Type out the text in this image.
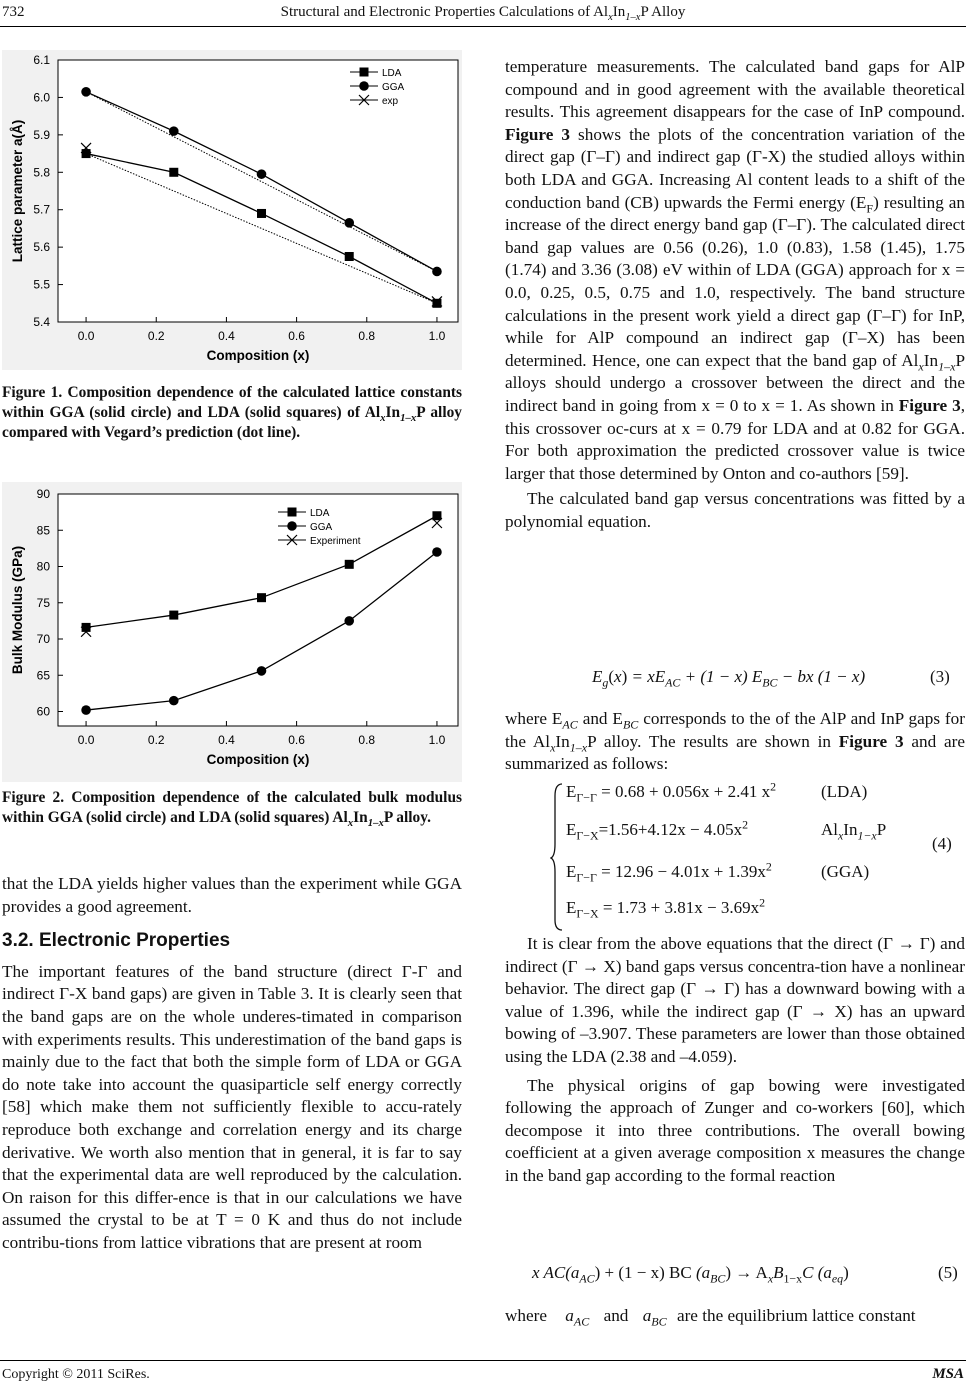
732	Structural and Electronic Properties Calculations of $Al_xIn_{1-x}P$ Alloy
5.4
5.5
5.6
5.7
5.8
5.9
6.0
6.1
0.0	0.2	0.4	0.6	0.8	1.0
Composition (x)
Lattice parameter a(Å)
LDA
GGA
exp
Figure 1. Composition dependence of the calculated lattice constants within GGA (solid circle) and LDA (solid squares) of $Al_xIn_{1-x}P$ alloy compared with Vegard’s prediction (dot line).
60
65
70
75
80
85
90
0.0	0.2	0.4	0.6	0.8	1.0
Composition (x)
Bulk Modulus (GPa)
LDA
GGA
Experiment
Figure 2. Composition dependence of the calculated bulk modulus within GGA (solid circle) and LDA (solid squares) $Al_xIn_{1-x}P$ alloy.

that the LDA yields higher values than the experiment while GGA provides a good agreement.

3.2. Electronic Properties

The important features of the band structure (direct Γ-Γ and indirect Γ-X band gaps) are given in Table 3. It is clearly seen that the band gaps are on the whole underes-timated in comparison with experiments results. This underestimation of the band gaps is mainly due to the fact that both the simple form of LDA or GGA do note take into account the quasiparticle self energy correctly [58] which make them not sufficiently flexible to accu-rately reproduce both exchange and correlation energy and its charge derivative. We worth also mention that in general, it is far to say that the experimental data are well reproduced by the calculation. On raison for this differ-ence is that in our calculations we have assumed the crystal to be at T = 0 K and thus do not include contribu-tions from lattice vibrations that are present at room

temperature measurements. The calculated band gaps for AlP compound and in good agreement with the available theoretical results. This agreement disappears for the case of InP compound. Figure 3 shows the plots of the concentration variation of the direct gap (Γ–Γ) and indirect gap (Γ-X) the studied alloys within both LDA and GGA. Increasing Al content leads to a shift of the conduction band (CB) upwards the Fermi energy $(E_F)$ resulting an increase of the direct energy band gap (Γ–Γ). The calculated direct band gap values are 0.56 (0.26), 1.0 (0.83), 1.58 (1.45), 1.75 (1.74) and 3.36 (3.08) eV within of LDA (GGA) approach for x = 0.0, 0.25, 0.5, 0.75 and 1.0, respectively. The band structure calculations in the present work yield a direct gap (Γ–Γ) for InP, while for AlP compound an indirect gap (Γ–X) has been determined. Hence, one can expect that the band gap of $Al_xIn_{1-x}P$ alloys should undergo a crossover between the direct and the indirect band in going from x = 0 to x = 1. As shown in Figure 3, this crossover oc-curs at x = 0.79 for LDA and at 0.82 for GGA. For both approximation the predicted crossover value is twice larger that those determined by Onton and co-authors [59].

The calculated band gap versus concentrations was fitted by a polynomial equation.

$E_g(x) = xE_{AC} + (1 - x) E_{BC}$ − bx (1 − x)	(3)
where $E_{AC}$ and $E_{BC}$ corresponds to the of the AlP and InP gaps for the $Al_xIn_{1-x}P$ alloy. The results are shown in Figure 3 and are summarized as follows:
$E_{\Gamma-\Gamma} = 0.68 + 0.056x + 2.41$ $x^2$	(LDA)
$E_{\Gamma-X}=1.56+4.12x - 4.05x^2$	$Al_xIn_{1-x}P$
$E_{\Gamma-\Gamma} = 12.96 - 4.01x + 1.39x^2$	(GGA)
$E_{\Gamma-X} = 1.73 + 3.81x - 3.69x^2$
(4)

It is clear from the above equations that the direct (Γ → Γ) and indirect (Γ → X) band gaps versus concentra-tion have a nonlinear behavior. The direct gap (Γ → Γ) has a downward bowing with a value of 1.396, while the indirect gap (Γ → X) has an upward bowing of –3.907. These parameters are lower than those obtained using the LDA (2.38 and –4.059).

The physical origins of gap bowing were investigated following the approach of Zunger and co-workers [60], which decompose it into three contributions. The overall bowing coefficient at a given average composition x measures the change in the band gap according to the formal reaction

x $AC(a_{AC}) + (1 - x)$ BC $(a_{BC}) \to A_xB_{1-x}C$ $(a_{eq})$	(5)
where $a_{AC}$ and $a_{BC}$ are the equilibrium lattice constant
Copyright © 2011 SciRes.	MSA
